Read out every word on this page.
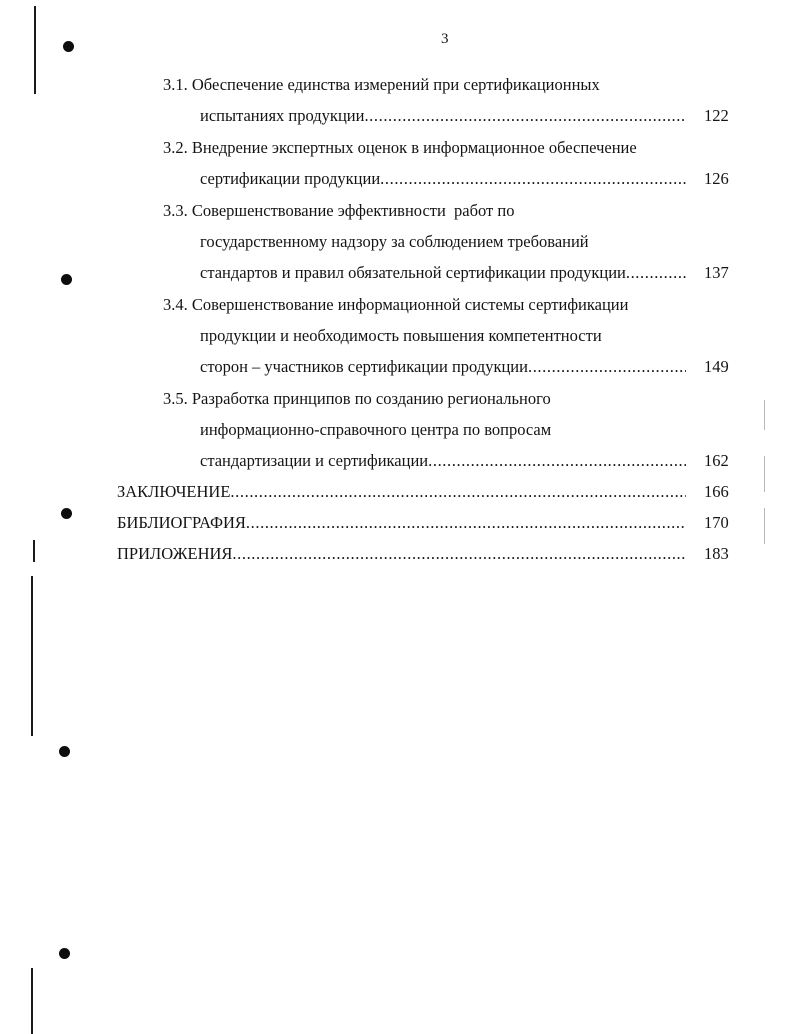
3
3.1. Обеспечение единства измерений при сертификационных
испытаниях продукции .....	122
3.2. Внедрение экспертных оценок в информационное обеспечение
сертификации продукции .....	126
3.3. Совершенствование эффективности  работ по
государственному надзору за соблюдением требований
стандартов и правил обязательной сертификации продукции .....	137
3.4. Совершенствование информационной системы сертификации
продукции и необходимость повышения компетентности
сторон – участников сертификации продукции .....	149
3.5. Разработка принципов по созданию регионального
информационно-справочного центра по вопросам
стандартизации и сертификации .....	162
ЗАКЛЮЧЕНИЕ .....	166
БИБЛИОГРАФИЯ .....	170
ПРИЛОЖЕНИЯ .....	183
